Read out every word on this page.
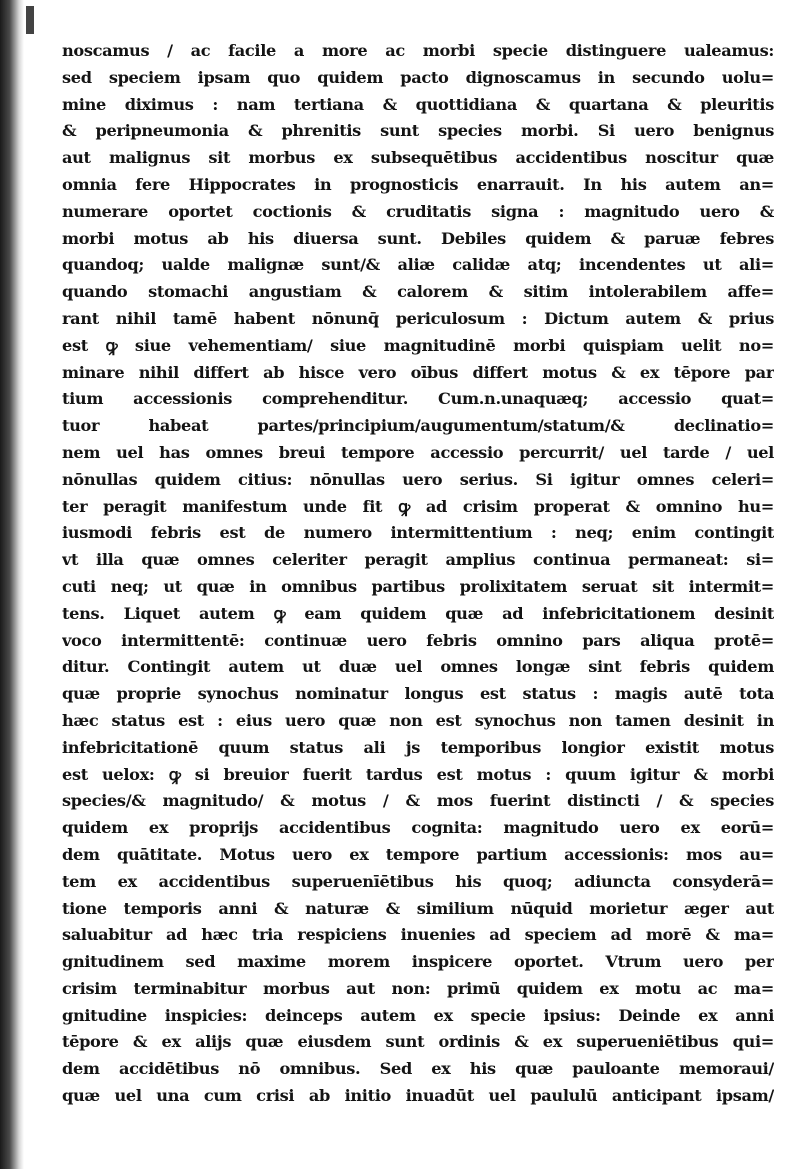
noscamus / ac facile a more ac morbi specie distinguere ualeamus:
sed speciem ipsam quo quidem pacto dignoscamus in secundo uolu=
mine diximus : nam tertiana & quottidiana & quartana & pleuritis
& peripneumonia & phrenitis sunt species morbi. Si uero benignus
aut malignus sit morbus ex subsequētibus accidentibus noscitur quæ
omnia fere Hippocrates in prognosticis enarrauit. In his autem an=
numerare oportet coctionis & cruditatis signa : magnitudo uero &
morbi motus ab his diuersa sunt. Debiles quidem & paruæ febres
quandoq; ualde malignæ sunt/& aliæ calidæ atq; incendentes ut ali=
quando stomachi angustiam & calorem & sitim intolerabilem affe=
rant nihil tamē habent nōnunq̄ periculosum : Dictum autem & prius
est ꝙ siue vehementiam/ siue magnitudinē morbi quispiam uelit no=
minare nihil differt ab hisce vero oībus differt motus & ex tēpore par
tium accessionis comprehenditur. Cum.n.unaquæq; accessio quat=
tuor habeat partes/principium/augumentum/statum/& declinatio=
nem uel has omnes breui tempore accessio percurrit/ uel tarde / uel
nōnullas quidem citius: nōnullas uero serius. Si igitur omnes celeri=
ter peragit manifestum unde fit ꝙ ad crisim properat & omnino hu=
iusmodi febris est de numero intermittentium : neq; enim contingit
vt illa quæ omnes celeriter peragit amplius continua permaneat: si=
cuti neq; ut quæ in omnibus partibus prolixitatem seruat sit intermit=
tens. Liquet autem ꝙ eam quidem quæ ad infebricitationem desinit
voco intermittentē: continuæ uero febris omnino pars aliqua protē=
ditur. Contingit autem ut duæ uel omnes longæ sint febris quidem
quæ proprie synochus nominatur longus est status : magis autē tota
hæc status est : eius uero quæ non est synochus non tamen desinit in
infebricitationē quum status ali js temporibus longior existit motus
est uelox: ꝙ si breuior fuerit tardus est motus : quum igitur & morbi
species/& magnitudo/ & motus / & mos fuerint distincti / & species
quidem ex proprijs accidentibus cognita: magnitudo uero ex eorū=
dem quātitate. Motus uero ex tempore partium accessionis: mos au=
tem ex accidentibus superuenīētibus his quoq; adiuncta consyderā=
tione temporis anni & naturæ & similium nūquid morietur æger aut
saluabitur ad hæc tria respiciens inuenies ad speciem ad morē & ma=
gnitudinem sed maxime morem inspicere oportet. Vtrum uero per
crisim terminabitur morbus aut non: primū quidem ex motu ac ma=
gnitudine inspicies: deinceps autem ex specie ipsius: Deinde ex anni
tēpore & ex alijs quæ eiusdem sunt ordinis & ex superueniētibus qui=
dem accidētibus nō omnibus. Sed ex his quæ pauloante memoraui/
quæ uel una cum crisi ab initio inuadūt uel paululū anticipant ipsam/
